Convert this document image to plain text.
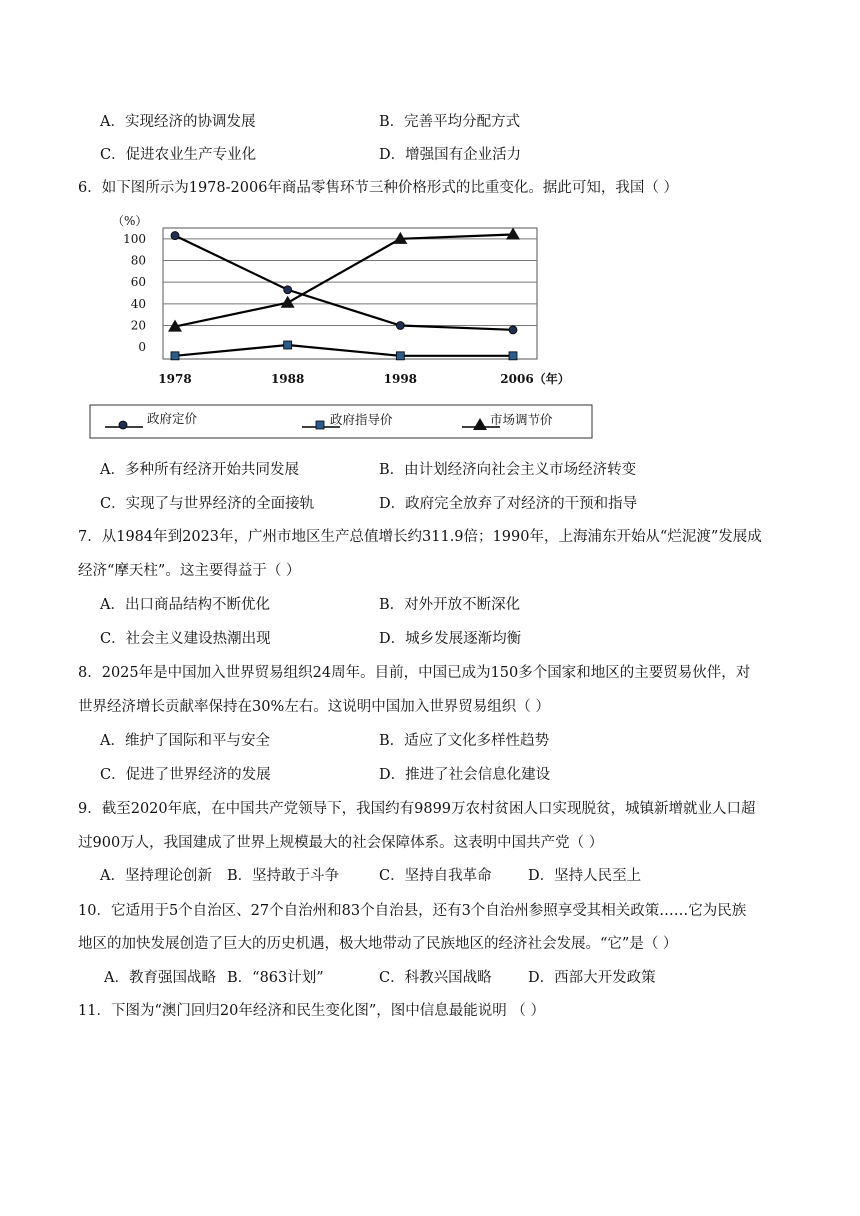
A．实现经济的协调发展	B．完善平均分配方式
C．促进农业生产专业化	D．增强国有企业活力
6．如下图所示为1978-2006年商品零售环节三种价格形式的比重变化。据此可知，我国（ ）
（%）
0
20
40
60
80
100
1978	1988	1998	2006（年）
政府定价	政府指导价	市场调节价
A．多种所有经济开始共同发展	B．由计划经济向社会主义市场经济转变
C．实现了与世界经济的全面接轨	D．政府完全放弃了对经济的干预和指导
7．从1984年到2023年，广州市地区生产总值增长约311.9倍；1990年，上海浦东开始从“烂泥渡”发展成
经济“摩天柱”。这主要得益于（ ）
A．出口商品结构不断优化	B．对外开放不断深化
C．社会主义建设热潮出现	D．城乡发展逐渐均衡
8．2025年是中国加入世界贸易组织24周年。目前，中国已成为150多个国家和地区的主要贸易伙伴，对
世界经济增长贡献率保持在30%左右。这说明中国加入世界贸易组织（ ）
A．维护了国际和平与安全	B．适应了文化多样性趋势
C．促进了世界经济的发展	D．推进了社会信息化建设
9．截至2020年底，在中国共产党领导下，我国约有9899万农村贫困人口实现脱贫，城镇新增就业人口超
过900万人，我国建成了世界上规模最大的社会保障体系。这表明中国共产党（ ）
A．坚持理论创新 B．坚持敢于斗争	C．坚持自我革命	D．坚持人民至上
10．它适用于5个自治区、27个自治州和83个自治县，还有3个自治州参照享受其相关政策……它为民族
地区的加快发展创造了巨大的历史机遇，极大地带动了民族地区的经济社会发展。“它”是（ ）
A．教育强国战略 B．“863计划”	C．科教兴国战略	D．西部大开发政策
11．下图为“澳门回归20年经济和民生变化图”，图中信息最能说明 （ ）
